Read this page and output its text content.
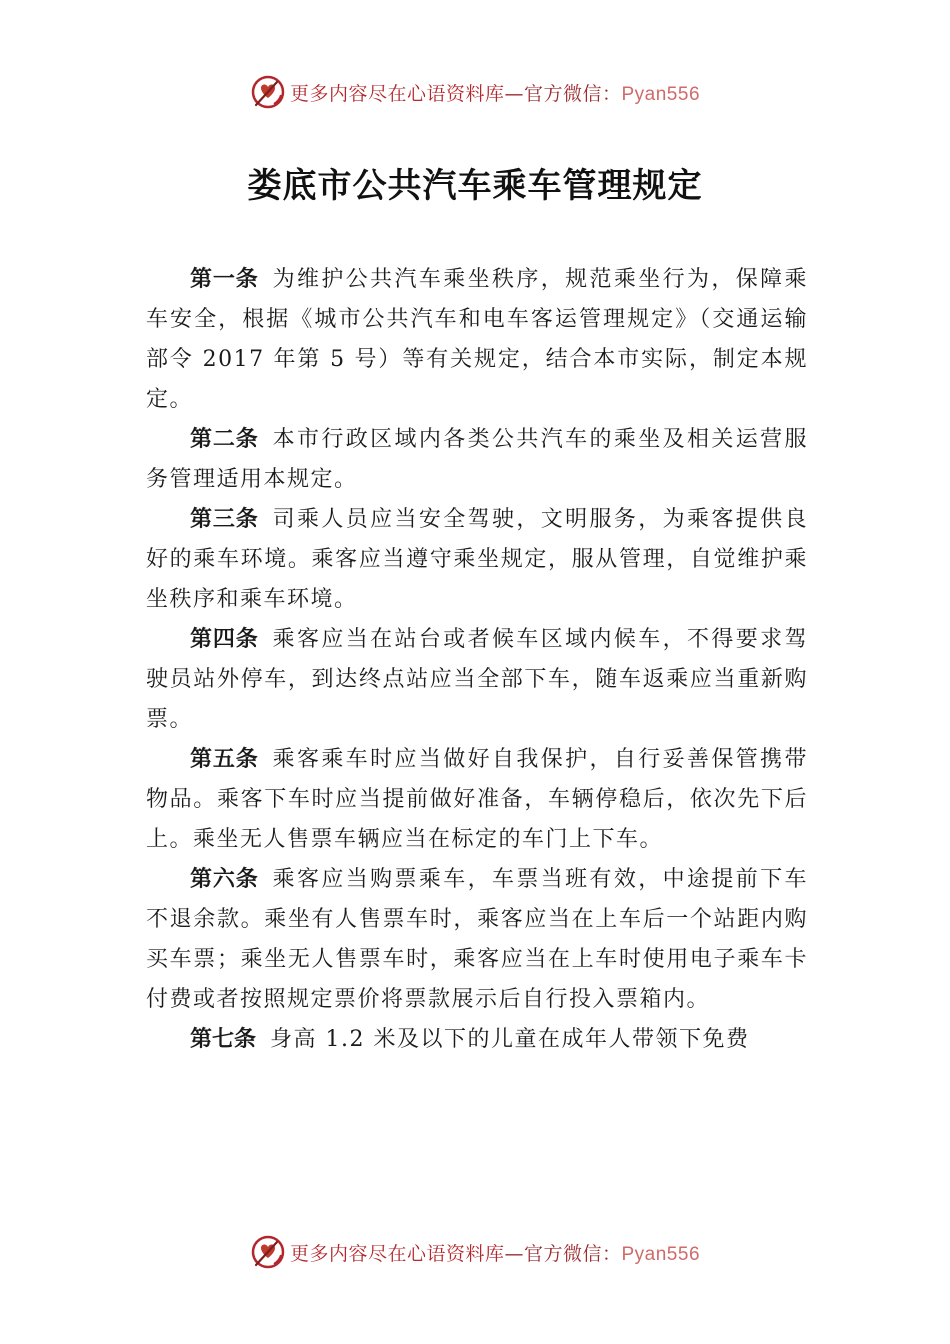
更多内容尽在心语资料库—官方微信：Pyan556
娄底市公共汽车乘车管理规定

第一条 为维护公共汽车乘坐秩序，规范乘坐行为，保障乘车安全，根据《城市公共汽车和电车客运管理规定》（交通运输部令 2017 年第 5 号）等有关规定，结合本市实际，制定本规定。

第二条 本市行政区域内各类公共汽车的乘坐及相关运营服务管理适用本规定。

第三条 司乘人员应当安全驾驶，文明服务，为乘客提供良好的乘车环境。乘客应当遵守乘坐规定，服从管理，自觉维护乘坐秩序和乘车环境。

第四条 乘客应当在站台或者候车区域内候车，不得要求驾驶员站外停车，到达终点站应当全部下车，随车返乘应当重新购票。

第五条 乘客乘车时应当做好自我保护，自行妥善保管携带物品。乘客下车时应当提前做好准备，车辆停稳后，依次先下后上。乘坐无人售票车辆应当在标定的车门上下车。

第六条 乘客应当购票乘车，车票当班有效，中途提前下车不退余款。乘坐有人售票车时，乘客应当在上车后一个站距内购买车票；乘坐无人售票车时，乘客应当在上车时使用电子乘车卡付费或者按照规定票价将票款展示后自行投入票箱内。

第七条 身高 1.2 米及以下的儿童在成年人带领下免费

更多内容尽在心语资料库—官方微信：Pyan556
